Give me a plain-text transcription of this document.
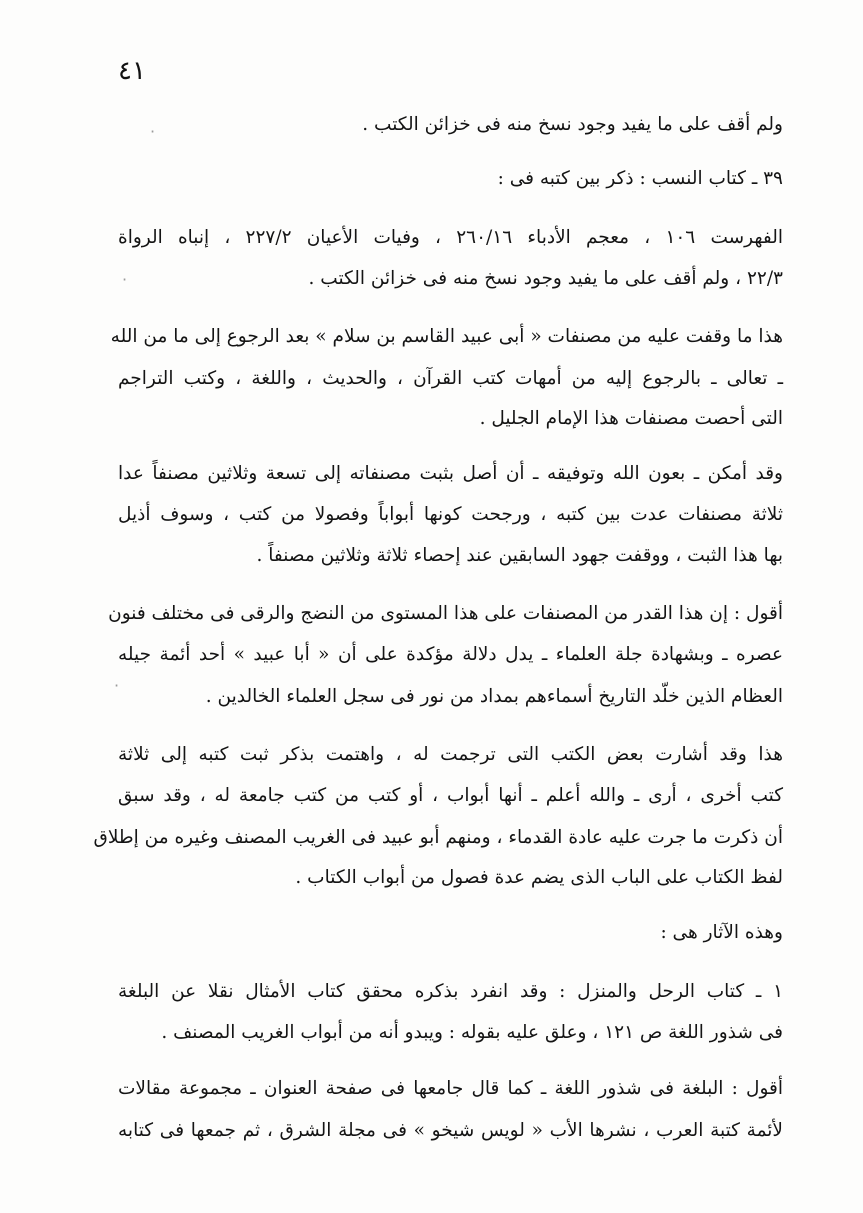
٤١
ولم أقف على ما يفيد وجود نسخ منه فى خزائن الكتب .
٣٩ ـ كتاب النسب : ذكر بين كتبه فى :
الفهرست ١٠٦ ، معجم الأدباء ٢٦٠/١٦ ، وفيات الأعيان ٢٢٧/٢ ، إنباه الرواة
٢٢/٣ ، ولم أقف على ما يفيد وجود نسخ منه فى خزائن الكتب .
هذا ما وقفت عليه من مصنفات « أبى عبيد القاسم بن سلام » بعد الرجوع إلى ما من الله
ـ تعالى ـ بالرجوع إليه من أمهات كتب القرآن ، والحديث ، واللغة ، وكتب التراجم
التى أحصت مصنفات هذا الإمام الجليل .
وقد أمكن ـ بعون الله وتوفيقه ـ أن أصل بثبت مصنفاته إلى تسعة وثلاثين مصنفاً عدا
ثلاثة مصنفات عدت بين كتبه ، ورجحت كونها أبواباً وفصولا من كتب ، وسوف أذيل
بها هذا الثبت ، ووقفت جهود السابقين عند إحصاء ثلاثة وثلاثين مصنفاً .
أقول : إن هذا القدر من المصنفات على هذا المستوى من النضج والرقى فى مختلف فنون
عصره ـ وبشهادة جلة العلماء ـ يدل دلالة مؤكدة على أن « أبا عبيد » أحد أئمة جيله
العظام الذين خلّد التاريخ أسماءهم بمداد من نور فى سجل العلماء الخالدين .
هذا وقد أشارت بعض الكتب التى ترجمت له ، واهتمت بذكر ثبت كتبه إلى ثلاثة
كتب أخرى ، أرى ـ والله أعلم ـ أنها أبواب ، أو كتب من كتب جامعة له ، وقد سبق
أن ذكرت ما جرت عليه عادة القدماء ، ومنهم أبو عبيد فى الغريب المصنف وغيره من إطلاق
لفظ الكتاب على الباب الذى يضم عدة فصول من أبواب الكتاب .
وهذه الآثار هى :
١ ـ كتاب الرحل والمنزل : وقد انفرد بذكره محقق كتاب الأمثال نقلا عن البلغة
فى شذور اللغة ص ١٢١ ، وعلق عليه بقوله : ويبدو أنه من أبواب الغريب المصنف .
أقول : البلغة فى شذور اللغة ـ كما قال جامعها فى صفحة العنوان ـ مجموعة مقالات
لأئمة كتبة العرب ، نشرها الأب « لويس شيخو » فى مجلة الشرق ، ثم جمعها فى كتابه
·
·
·
